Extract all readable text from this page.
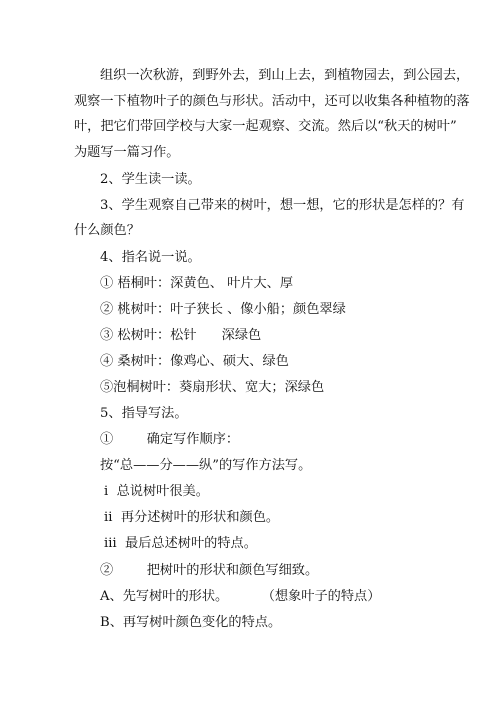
组织一次秋游，到野外去，到山上去，到植物园去，到公园去，
观察一下植物叶子的颜色与形状。活动中，还可以收集各种植物的落
叶，把它们带回学校与大家一起观察、交流。然后以“秋天的树叶”
为题写一篇习作。
2、学生读一读。
3、学生观察自己带来的树叶，想一想，它的形状是怎样的？有
什么颜色？
4、指名说一说。
① 梧桐叶：深黄色、 叶片大、厚
② 桃树叶：叶子狭长 、像小船；颜色翠绿
③ 松树叶：松针      深绿色
④ 桑树叶：像鸡心、硕大、绿色
⑤泡桐树叶：葵扇形状、宽大；深绿色
5、指导写法。
①        确定写作顺序：
按“总——分——纵”的写作方法写。
ⅰ  总说树叶很美。
ⅱ  再分述树叶的形状和颜色。
ⅲ  最后总述树叶的特点。
②        把树叶的形状和颜色写细致。
A、先写树叶的形状。        （想象叶子的特点）
B、再写树叶颜色变化的特点。
